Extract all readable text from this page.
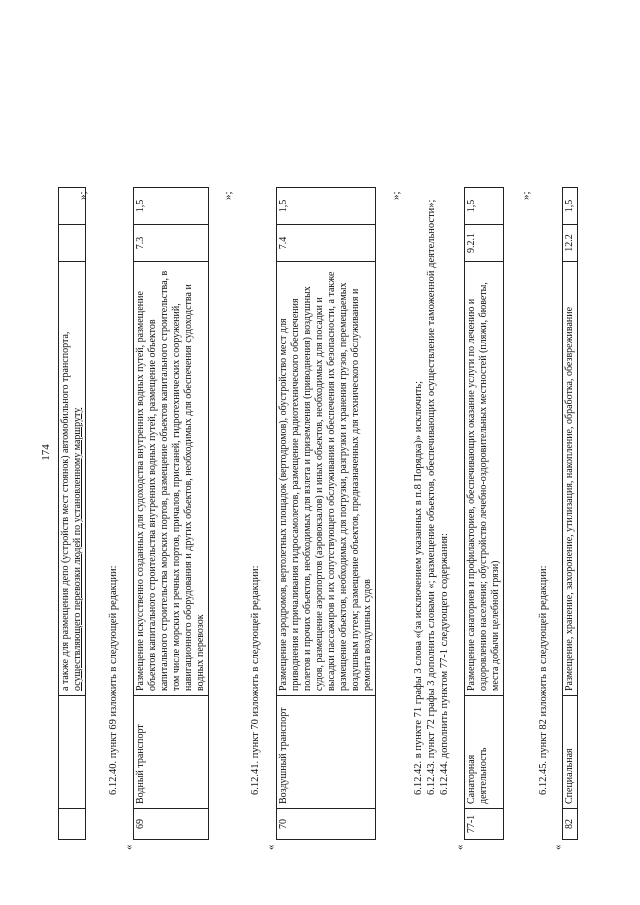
174
		а также для размещения депо (устройств мест стоянок) автомобильного транспорта,
осуществляющего перевозки людей по установленному маршруту		
»;
6.12.40. пункт 69 изложить в следующей редакции:
«
69	Водный транспорт	Размещение искусственно созданных для судоходства внутренних водных путей, размещение объектов капитального строительства внутренних водных путей, размещение объектов капитального строительства морских портов, размещение объектов капитального строительства, в том числе морских и речных портов, причалов, пристаней, гидротехнических сооружений, навигационного оборудования и других объектов, необходимых для обеспечения судоходства и водных перевозок	7.3	1,5
»;
6.12.41. пункт 70 изложить в следующей редакции:
«
70	Воздушный транспорт	Размещение аэродромов, вертолетных площадок (вертодромов), обустройство мест для приводнения и причаливания гидросамолетов, размещение радиотехнического обеспечения полетов и прочих объектов, необходимых для взлета и приземления (приводнения) воздушных судов, размещение аэропортов (аэровокзалов) и иных объектов, необходимых для посадки и высадки пассажиров и их сопутствующего обслуживания и обеспечения их безопасности, а также размещение объектов, необходимых для погрузки, разгрузки и хранения грузов, перемещаемых воздушным путем; размещение объектов, предназначенных для технического обслуживания и ремонта воздушных судов	7.4	1,5
»;
6.12.42. в пункте 71 графы 3 слова «(за исключением указанных в п.8 Порядка)» исключить; 6.12.43. пункт 72 графы 3 дополнить словами «; размещение объектов, обеспечивающих осуществление таможенной деятельности»; 6.12.44. дополнить пунктом 77-1 следующего содержания:
«
77-1	Санаторная деятельность	Размещение санаториев и профилакториев, обеспечивающих оказание услуги по лечению и оздоровлению населения; обустройство лечебно-оздоровительных местностей (пляжи, бюветы, места добычи целебной грязи)	9.2.1	1,5
»;
6.12.45. пункт 82 изложить в следующей редакции:
«
82	Специальная	Размещение, хранение, захоронение, утилизация, накопление, обработка, обезвреживание	12.2	1,5
